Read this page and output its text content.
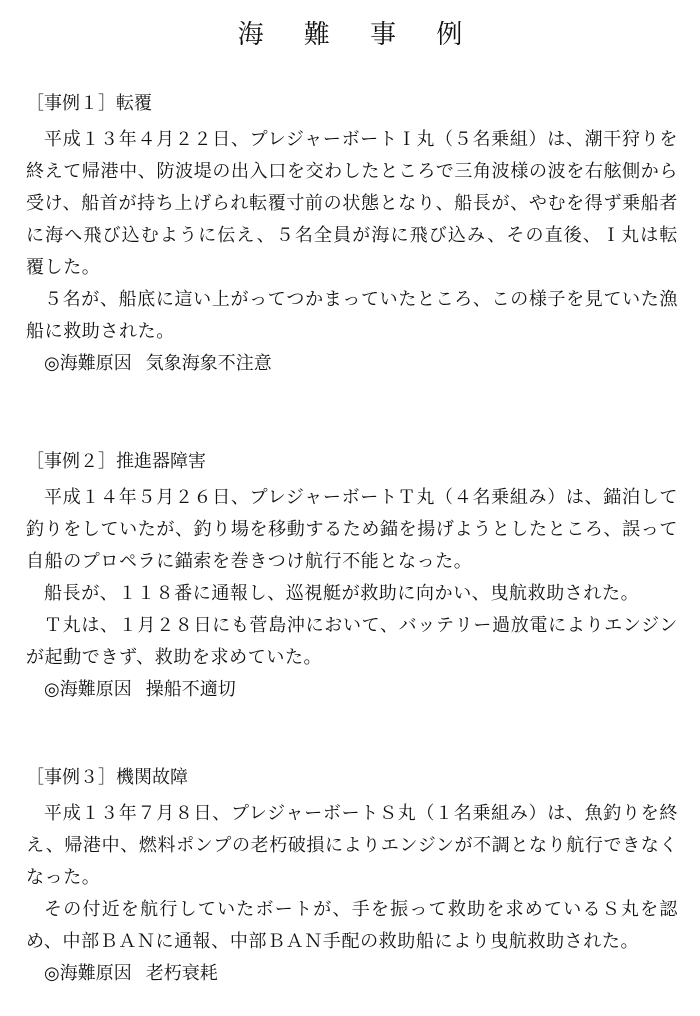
海 難 事 例
［事例１］転覆

平成１３年４月２２日、プレジャーボートＩ丸（５名乗組）は、潮干狩りを終えて帰港中、防波堤の出入口を交わしたところで三角波様の波を右舷側から受け、船首が持ち上げられ転覆寸前の状態となり、船長が、やむを得ず乗船者に海へ飛び込むように伝え、５名全員が海に飛び込み、その直後、Ｉ丸は転覆した。

５名が、船底に這い上がってつかまっていたところ、この様子を見ていた漁船に救助された。

◎海難原因 気象海象不注意
［事例２］推進器障害

平成１４年５月２６日、プレジャーボートＴ丸（４名乗組み）は、錨泊して釣りをしていたが、釣り場を移動するため錨を揚げようとしたところ、誤って自船のプロペラに錨索を巻きつけ航行不能となった。

船長が、１１８番に通報し、巡視艇が救助に向かい、曳航救助された。

Ｔ丸は、１月２８日にも菅島沖において、バッテリー過放電によりエンジンが起動できず、救助を求めていた。

◎海難原因 操船不適切
［事例３］機関故障

平成１３年７月８日、プレジャーボートＳ丸（１名乗組み）は、魚釣りを終え、帰港中、燃料ポンプの老朽破損によりエンジンが不調となり航行できなくなった。

その付近を航行していたボートが、手を振って救助を求めているＳ丸を認め、中部ＢＡＮに通報、中部ＢＡＮ手配の救助船により曳航救助された。

◎海難原因 老朽衰耗
